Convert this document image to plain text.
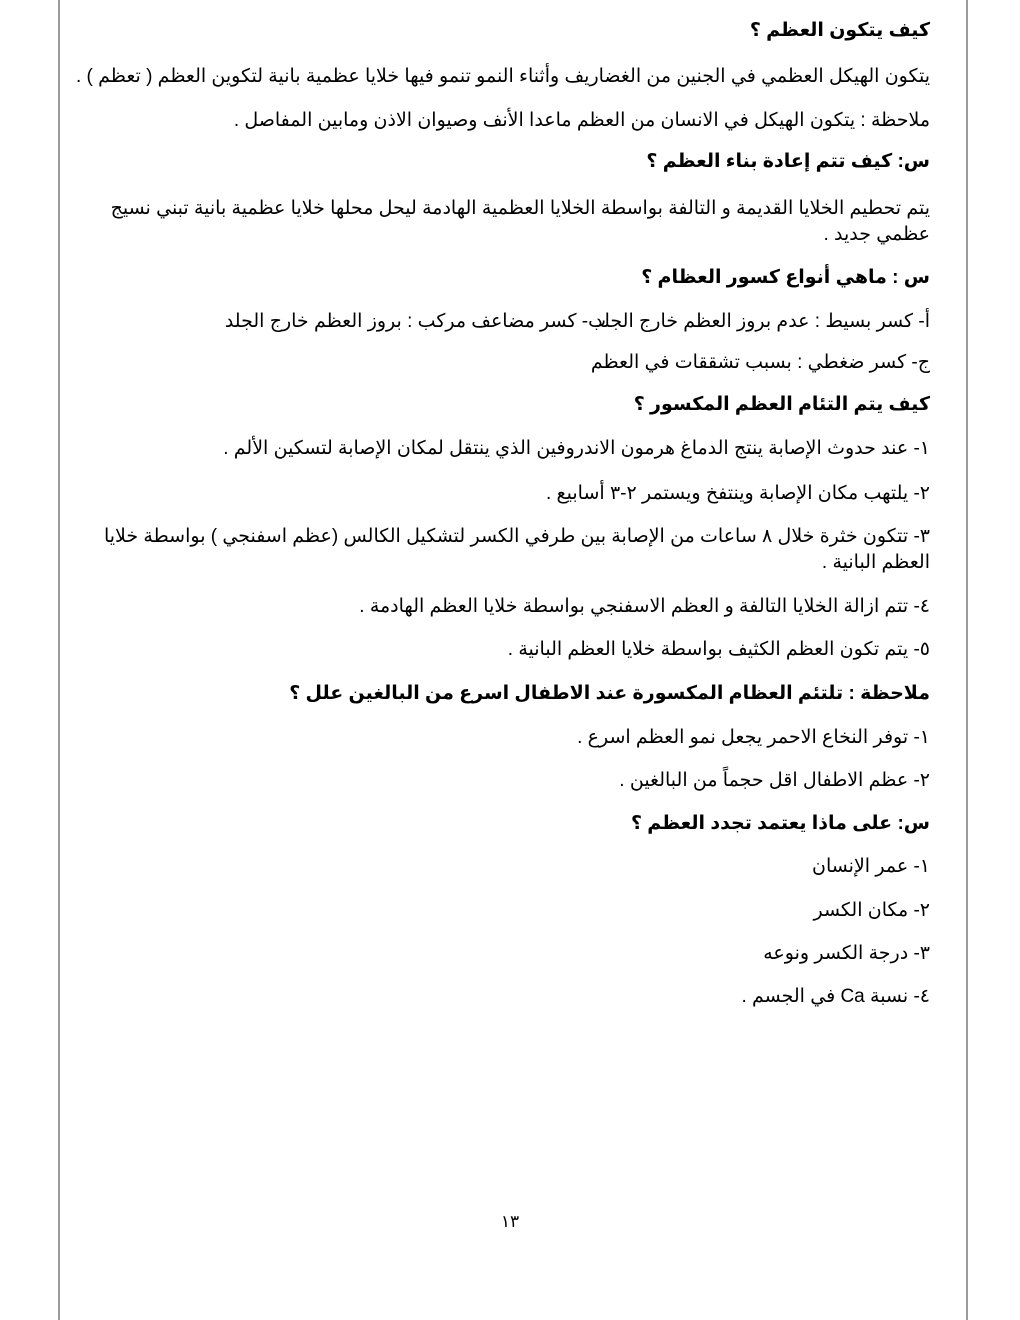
كيف يتكون العظم ؟
يتكون الهيكل العظمي في الجنين من الغضاريف وأثناء النمو تنمو فيها خلايا عظمية بانية لتكوين العظم ( تعظم ) .
ملاحظة : يتكون الهيكل في الانسان من العظم ماعدا الأنف وصيوان الاذن ومابين المفاصل .
س: كيف تتم إعادة بناء العظم ؟
يتم تحطيم الخلايا القديمة و التالفة بواسطة الخلايا العظمية الهادمة ليحل محلها خلايا عظمية بانية تبني نسيج عظمي جديد .
س : ماهي أنواع كسور العظام ؟
أ- كسر بسيط : عدم بروز العظم خارج الجلد
ب- كسر مضاعف مركب : بروز العظم خارج الجلد
ج- كسر ضغطي : بسبب تشققات في العظم
كيف يتم التئام العظم المكسور ؟
١- عند حدوث الإصابة ينتج الدماغ هرمون الاندروفين الذي ينتقل لمكان الإصابة لتسكين الألم .
٢- يلتهب مكان الإصابة وينتفخ ويستمر ٢-٣ أسابيع .
٣- تتكون خثرة خلال ٨ ساعات من الإصابة بين طرفي الكسر لتشكيل الكالس (عظم اسفنجي ) بواسطة خلايا العظم البانية .
٤- تتم ازالة الخلايا التالفة و العظم الاسفنجي بواسطة خلايا العظم الهادمة .
٥- يتم تكون العظم الكثيف بواسطة خلايا العظم البانية .
ملاحظة : تلتئم العظام المكسورة عند الاطفال اسرع من البالغين علل ؟
١- توفر النخاع الاحمر يجعل نمو العظم اسرع .
٢- عظم الاطفال اقل حجماً من البالغين .
س: على ماذا يعتمد تجدد العظم ؟
١- عمر الإنسان
٢- مكان الكسر
٣- درجة الكسر ونوعه
٤- نسبة Ca في الجسم .
١٣
